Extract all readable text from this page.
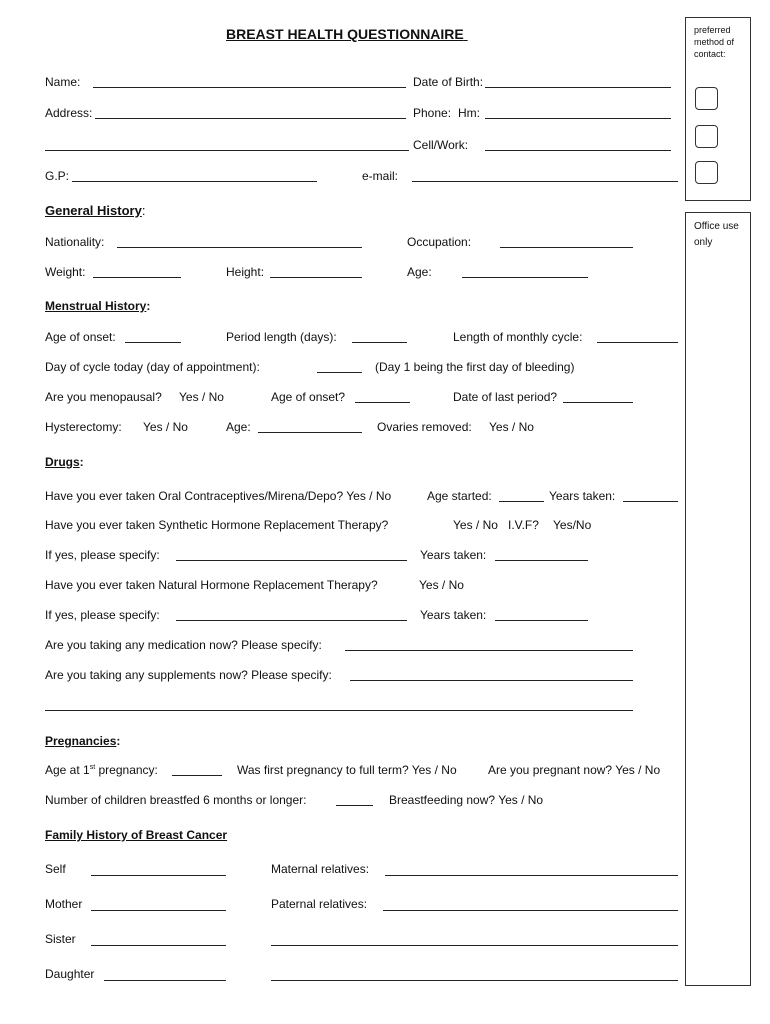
BREAST HEALTH QUESTIONNAIRE	preferred method of contact:
Office use only
Name:	Date of Birth:
Address:	Phone: Hm:
Cell/Work:
G.P:	e-mail:
General History:
Nationality:	Occupation:
Weight:	Height:	Age:
Menstrual History:
Age of onset:	Period length (days):	Length of monthly cycle:
Day of cycle today (day of appointment):	(Day 1 being the first day of bleeding)
Are you menopausal? Yes / No	Age of onset?	Date of last period?
Hysterectomy: Yes / No	Age:	Ovaries removed: Yes / No
Drugs:
Have you ever taken Oral Contraceptives/Mirena/Depo? Yes / No	Age started:	Years taken:
Have you ever taken Synthetic Hormone Replacement Therapy?	Yes / No I.V.F? Yes/No
If yes, please specify:	Years taken:
Have you ever taken Natural Hormone Replacement Therapy?	Yes / No
If yes, please specify:	Years taken:
Are you taking any medication now? Please specify:
Are you taking any supplements now? Please specify:
Pregnancies:
Age at 1st pregnancy:	Was first pregnancy to full term? Yes / No	Are you pregnant now? Yes / No
Number of children breastfed 6 months or longer:	Breastfeeding now? Yes / No
Family History of Breast Cancer
Self	Maternal relatives:
Mother	Paternal relatives:
Sister
Daughter
